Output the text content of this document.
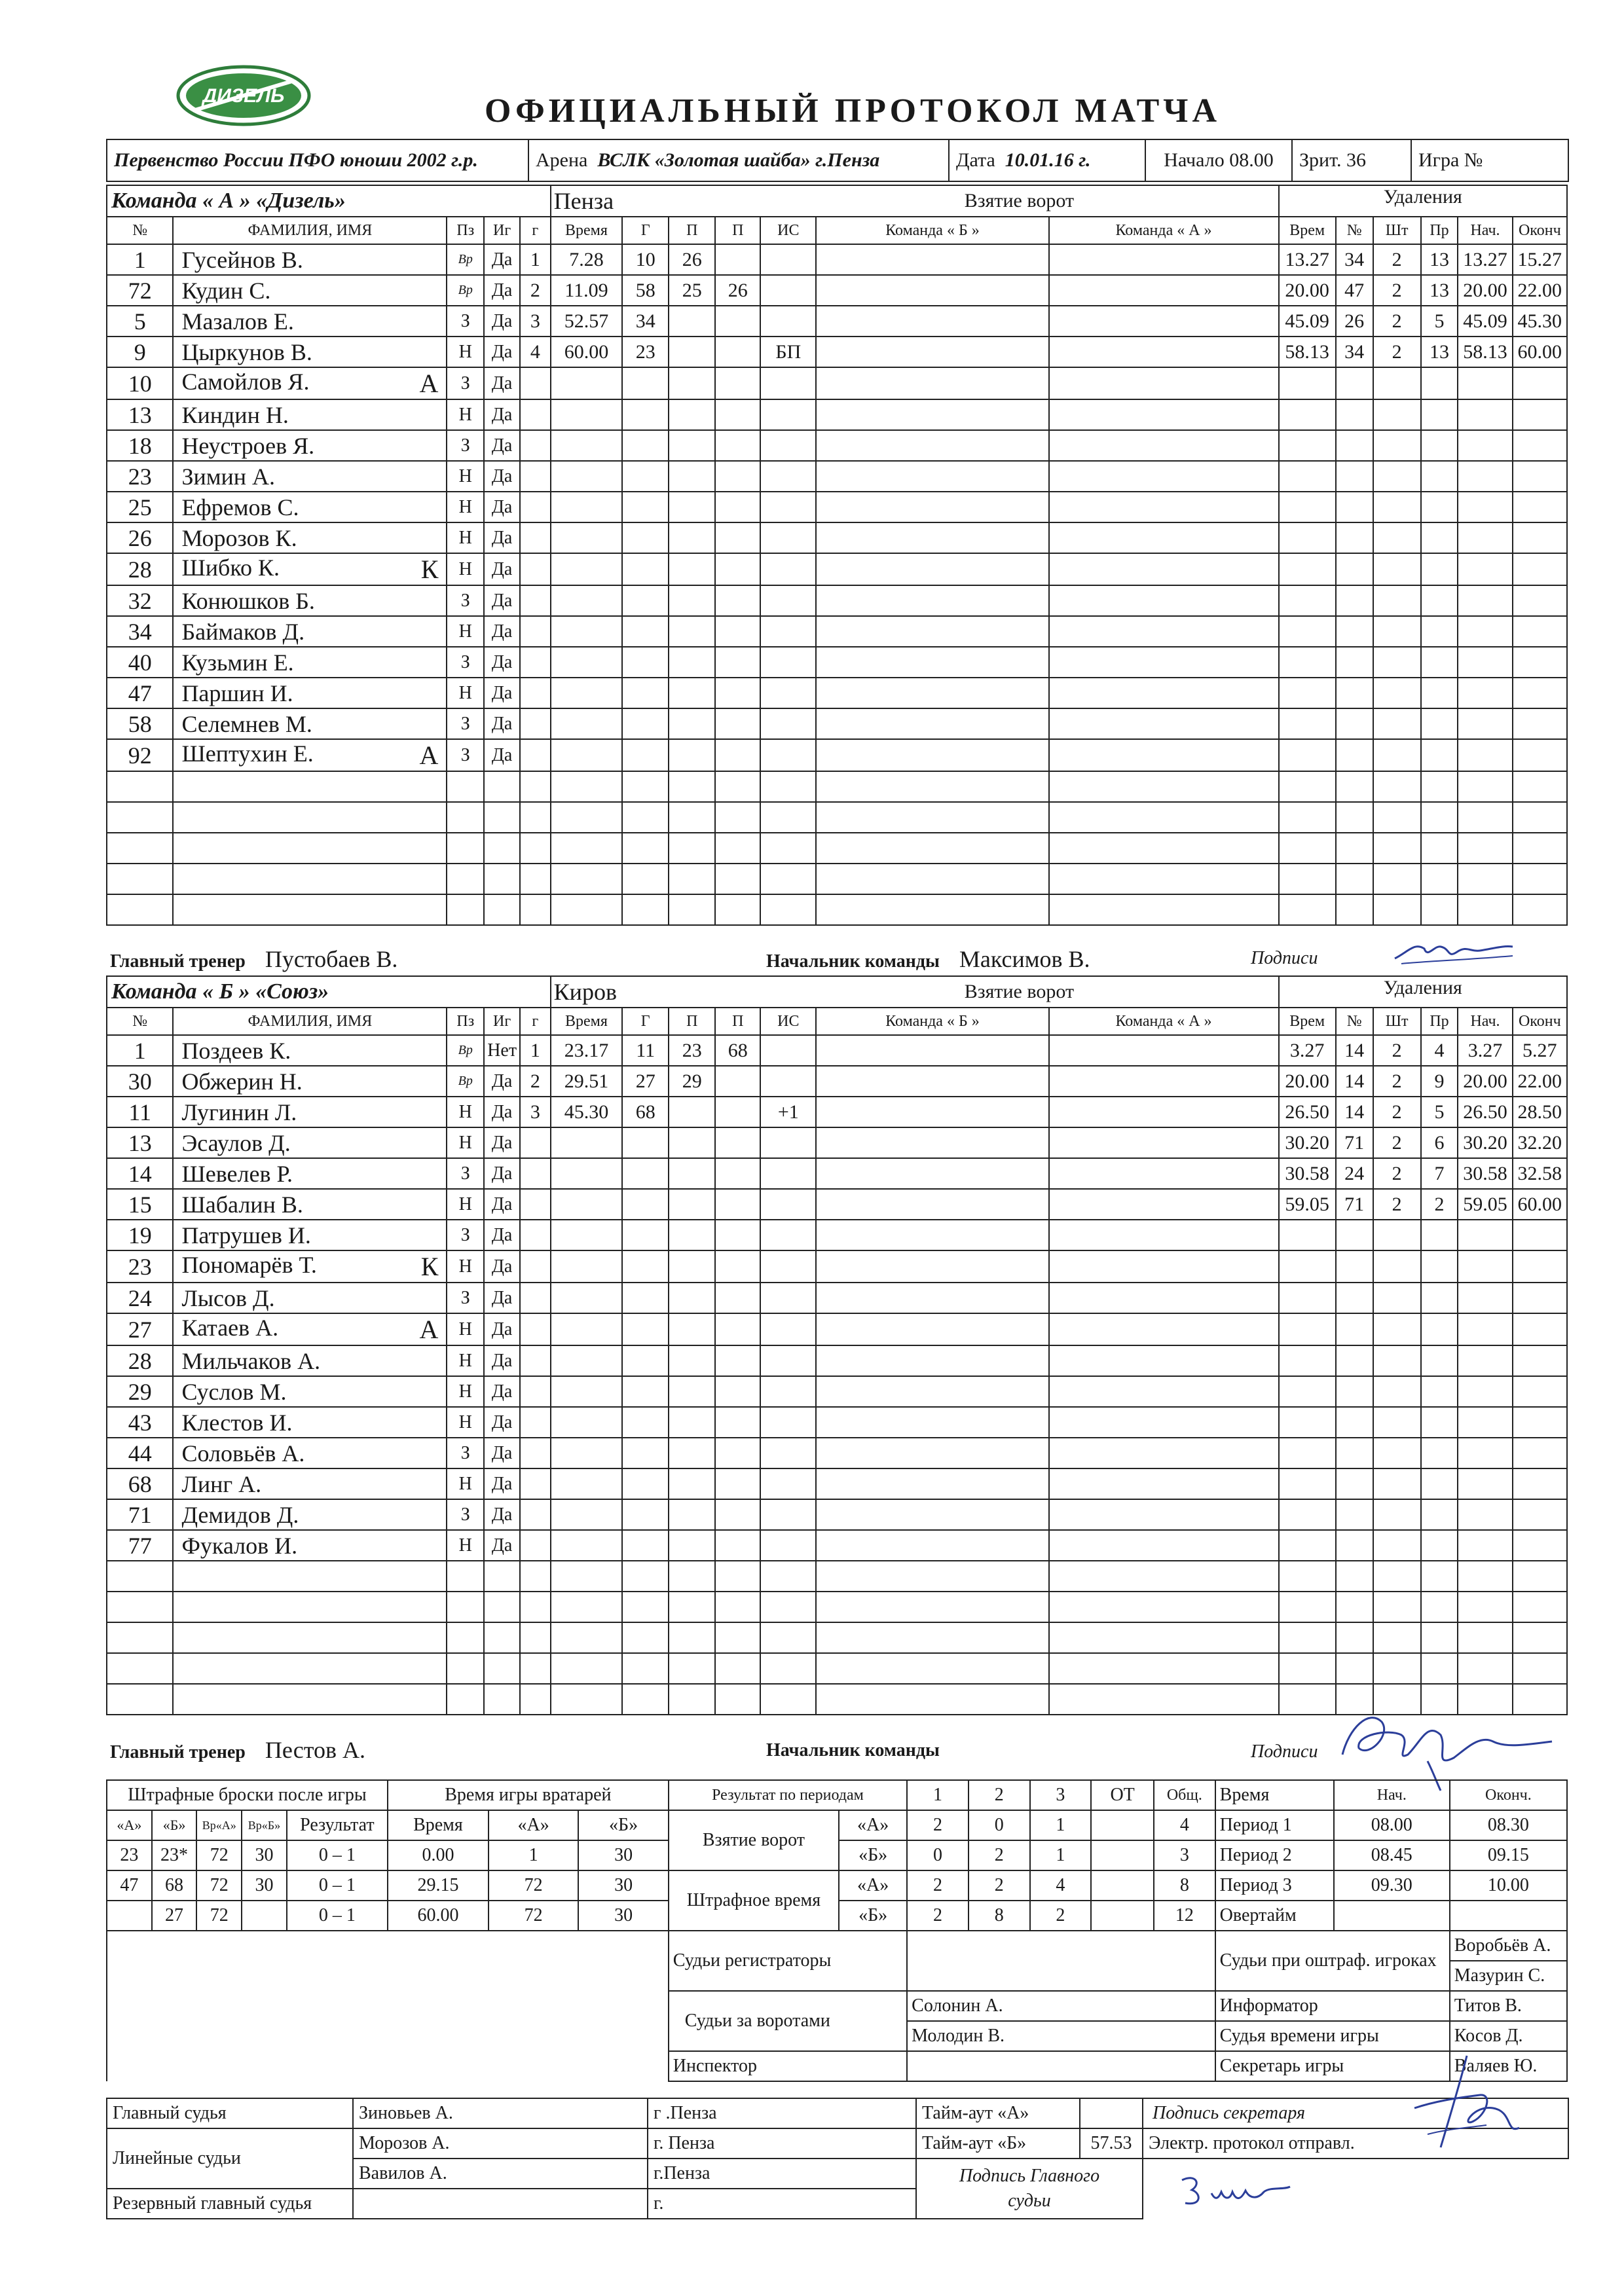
ДИЗЕЛЬ	ОФИЦИАЛЬНЫЙ ПРОТОКОЛ МАТЧА
Первенство России ПФО юноши 2002 г.р.	Арена ВСЛК «Золотая шайба» г.Пенза	Дата 10.01.16 г.	Начало 08.00	Зрит. 36	Игра №
Команда « А » «Дизель»					Пенза				Взятие ворот			Удаления					
№	ФАМИЛИЯ, ИМЯ	Пз	Иг	г	Время	Г	П	П	ИС	Команда « Б »	Команда « А »	Врем	№	Шт	Пр	Нач.	Оконч
1	Гусейнов В.	Вр	Да	1	7.28	10	26					13.27	34	2	13	13.27	15.27
72	Кудин С.	Вр	Да	2	11.09	58	25	26				20.00	47	2	13	20.00	22.00
5	Мазалов Е.	З	Да	3	52.57	34						45.09	26	2	5	45.09	45.30
9	Цыркунов В.	Н	Да	4	60.00	23			БП			58.13	34	2	13	58.13	60.00
10	Самойлов Я. А	З	Да														
13	Киндин Н.	Н	Да														
18	Неустроев Я.	З	Да														
23	Зимин А.	Н	Да														
25	Ефремов С.	Н	Да														
26	Морозов К.	Н	Да														
28	Шибко К. К	Н	Да														
32	Конюшков Б.	З	Да														
34	Баймаков Д.	Н	Да														
40	Кузьмин Е.	З	Да														
47	Паршин И.	Н	Да														
58	Селемнев М.	З	Да														
92	Шептухин Е. А	З	Да														

Главный тренер Пустобаев В.	Начальник команды Максимов В.	Подписи
Команда « Б » «Союз»					Киров				Взятие ворот			Удаления					
№	ФАМИЛИЯ, ИМЯ	Пз	Иг	г	Время	Г	П	П	ИС	Команда « Б »	Команда « А »	Врем	№	Шт	Пр	Нач.	Оконч
1	Поздеев К.	Вр	Нет	1	23.17	11	23	68				3.27	14	2	4	3.27	5.27
30	Обжерин Н.	Вр	Да	2	29.51	27	29					20.00	14	2	9	20.00	22.00
11	Лугинин Л.	Н	Да	3	45.30	68			+1			26.50	14	2	5	26.50	28.50
13	Эсаулов Д.	Н	Да									30.20	71	2	6	30.20	32.20
14	Шевелев Р.	З	Да									30.58	24	2	7	30.58	32.58
15	Шабалин В.	Н	Да									59.05	71	2	2	59.05	60.00
19	Патрушев И.	З	Да														
23	Пономарёв Т. К	Н	Да														
24	Лысов Д.	З	Да														
27	Катаев А. А	Н	Да														
28	Мильчаков А.	Н	Да														
29	Суслов М.	Н	Да														
43	Клестов И.	Н	Да														
44	Соловьёв А.	З	Да														
68	Линг А.	Н	Да														
71	Демидов Д.	З	Да														
77	Фукалов И.	Н	Да														

Главный тренер Пестов А.	Начальник команды	Подписи
Штрафные броски после игры					Время игры вратарей			Результат по периодам		1	2	3	ОТ	Общ.	Время	Нач.	Оконч.
«А»	«Б»	Вр«А»	Вр«Б»	Результат	Время	«А»	«Б»	Взятие ворот	«А»	2	0	1		4	Период 1	08.00	08.30
23	23*	72	30	0 – 1	0.00	1	30		«Б»	0	2	1		3	Период 2	08.45	09.15
47	68	72	30	0 – 1	29.15	72	30	Штрафное время	«А»	2	2	4		8	Период 3	09.30	10.00
	27	72		0 – 1	60.00	72	30		«Б»	2	8	2		12	Овертайм		
								Судьи регистраторы							Судьи при оштраф. игроках		Воробьёв А.
																	Мазурин С.
								Судьи за воротами		Солонин А.					Информатор		Титов В.
										Молодин В.					Судья времени игры		Косов Д.
								Инспектор							Секретарь игры		Валяев Ю.
Главный судья	Зиновьев А.	г .Пенза	Тайм-аут «А»		Подпись секретаря
Линейные судьи	Морозов А.	г. Пенза	Тайм-аут «Б»	57.53	Электр. протокол отправл.
	Вавилов А.	г.Пенза	Подпись Главного судьи		
Резервный главный судья		г.			
